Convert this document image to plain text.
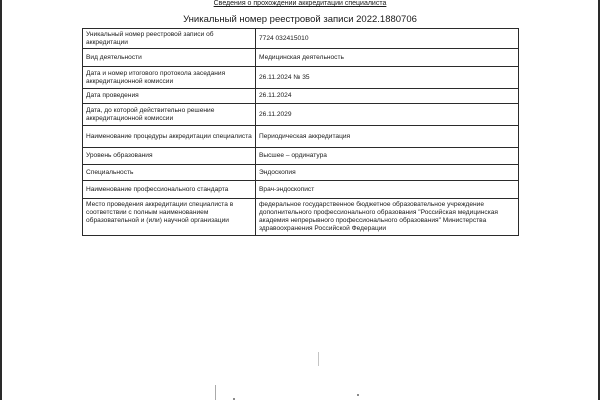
Сведения о прохождении аккредитации специалиста
Уникальный номер реестровой записи 2022.1880706
Уникальный номер реестровой записи об аккредитации	7724 032415010
Вид деятельности	Медицинская деятельность
Дата и номер итогового протокола заседания аккредитационной комиссии	26.11.2024 № 35
Дата проведения	26.11.2024
Дата, до которой действительно решение аккредитационной комиссии	26.11.2029
Наименование процедуры аккредитации специалиста	Периодическая аккредитация
Уровень образования	Высшее – ординатура
Специальность	Эндоскопия
Наименование профессионального стандарта	Врач-эндоскопист
Место проведения аккредитации специалиста в соответствии с полным наименованием образовательной и (или) научной организации	федеральное государственное бюджетное образовательное учреждение дополнительного профессионального образования "Российская медицинская академия непрерывного профессионального образования" Министерства здравоохранения Российской Федерации
